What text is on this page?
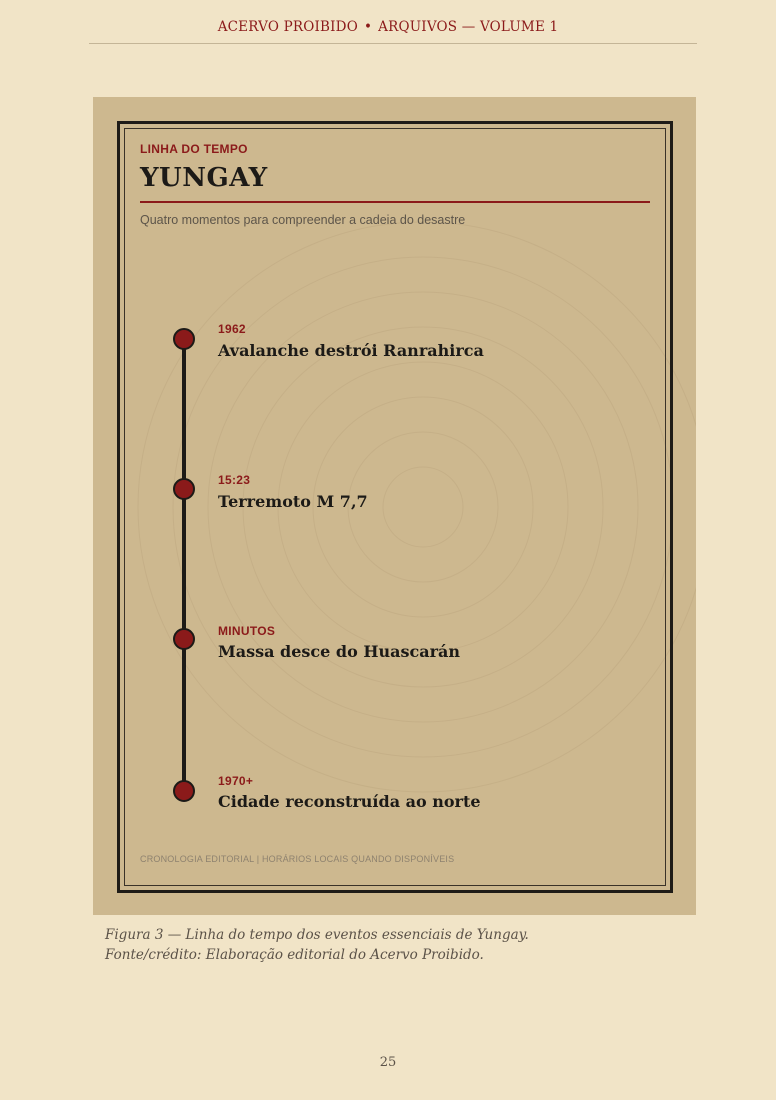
ACERVO PROIBIDO • ARQUIVOS — VOLUME 1
LINHA DO TEMPO
YUNGAY
Quatro momentos para compreender a cadeia do desastre
1962
Avalanche destrói Ranrahirca
15:23
Terremoto M 7,7
MINUTOS
Massa desce do Huascarán
1970+
Cidade reconstruída ao norte
CRONOLOGIA EDITORIAL | HORÁRIOS LOCAIS QUANDO DISPONÍVEIS
Figura 3 — Linha do tempo dos eventos essenciais de Yungay.
Fonte/crédito: Elaboração editorial do Acervo Proibido.
25
